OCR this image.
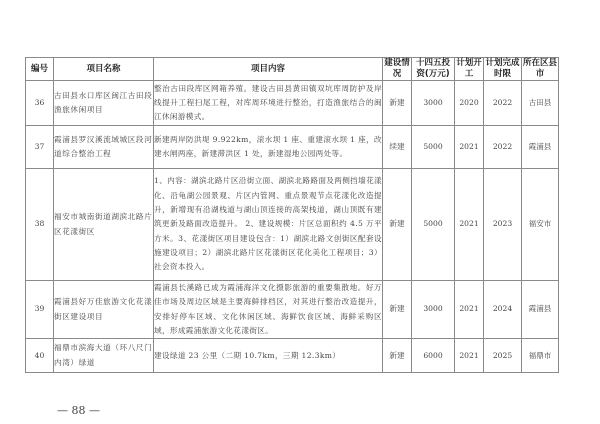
编号	项目名称	项目内容	建设情况	十四五投资(万元)	计划开工	计划完成时限	所在区县市
36	古田县水口库区闽江古田段渔旅休闲项目	整治古田段库区网箱养殖。建设古田县黄田镇双坑库周防护及岸线提升工程扫尾工程，对库周环境进行整治，打造渔旅结合的闽江休闲游模式。	新建	3000	2020	2022	古田县
37	霞浦县罗汉溪流域城区段河道综合整治工程	新建两岸防洪堤 9.922km，滚水坝 1 座、重建滚水坝 1 座，改建水闸两座，新建滞洪区 1 处，新建湿地公园两处等。	续建	5000	2021	2022	霞浦县
38	福安市城南街道湖滨北路片区花漾街区	1、内容：湖滨北路片区沿街立面、湖滨北路路面及两侧挡墙花漾化、沿龟湖公园景观、片区内管网、重点景观节点花漾化改造提升，新增现有沿湖栈道与湖山顶连接的高架栈道，湖山顶既有建筑更新及路面改造提升。 2、建设规模：片区总面积约 4.5 万平方米。3、花漾街区项目建设包含：1）湖滨北路文创街区配套设施建设项目；2）湖滨北路片区花漾街区花化美化工程项目；3）社会资本投入。	新建	5000	2021	2023	福安市
39	霞浦县好万佳旅游文化花漾街区建设项目	霞浦县长溪路已成为霞浦海洋文化摄影旅游的重要集散地。好万佳市场及周边区域是主要海鲜排档区，对其进行整治改造提升，安排好停车区域、文化休闲区域、海鲜饮食区域、海鲜采购区域，形成霞浦旅游文化花漾街区。	新建	3000	2021	2024	霞浦县
40	福鼎市滨海大道（环八尺门内湾）绿道	建设绿道 23 公里（二期 10.7km，三期 12.3km）	新建	6000	2021	2025	福鼎市
— 88 —
